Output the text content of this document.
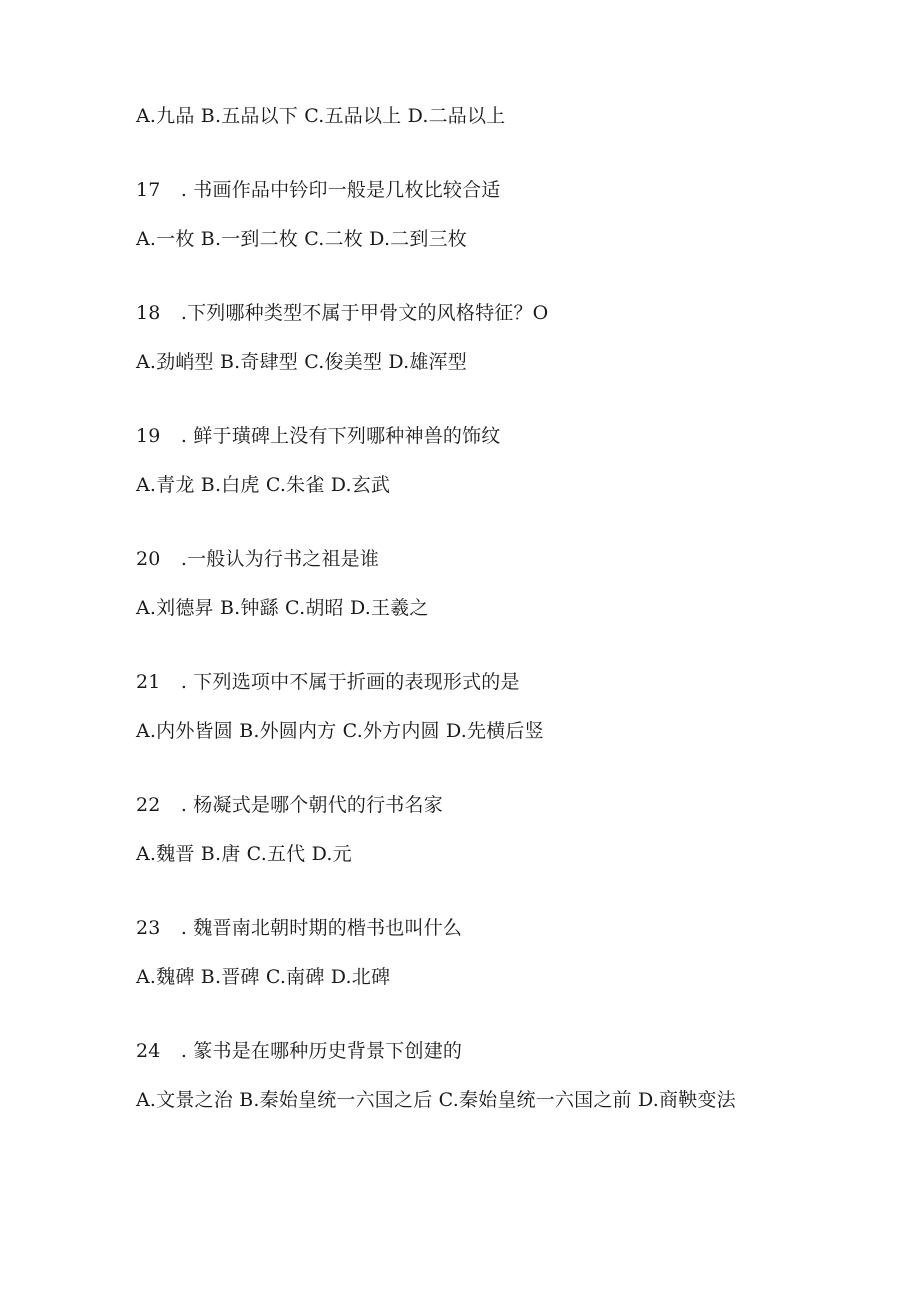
A.九品 B.五品以下 C.五品以上 D.二品以上
17 . 书画作品中钤印一般是几枚比较合适
A.一枚 B.一到二枚 C.二枚 D.二到三枚
18 .下列哪种类型不属于甲骨文的风格特征？O
A.劲峭型 B.奇肆型 C.俊美型 D.雄浑型
19 . 鲜于璜碑上没有下列哪种神兽的饰纹
A.青龙 B.白虎 C.朱雀 D.玄武
20 .一般认为行书之祖是谁
A.刘德昇 B.钟繇 C.胡昭 D.王羲之
21 . 下列选项中不属于折画的表现形式的是
A.内外皆圆 B.外圆内方 C.外方内圆 D.先横后竖
22 . 杨凝式是哪个朝代的行书名家
A.魏晋 B.唐 C.五代 D.元
23 . 魏晋南北朝时期的楷书也叫什么
A.魏碑 B.晋碑 C.南碑 D.北碑
24 . 篆书是在哪种历史背景下创建的
A.文景之治 B.秦始皇统一六国之后 C.秦始皇统一六国之前 D.商鞅变法
